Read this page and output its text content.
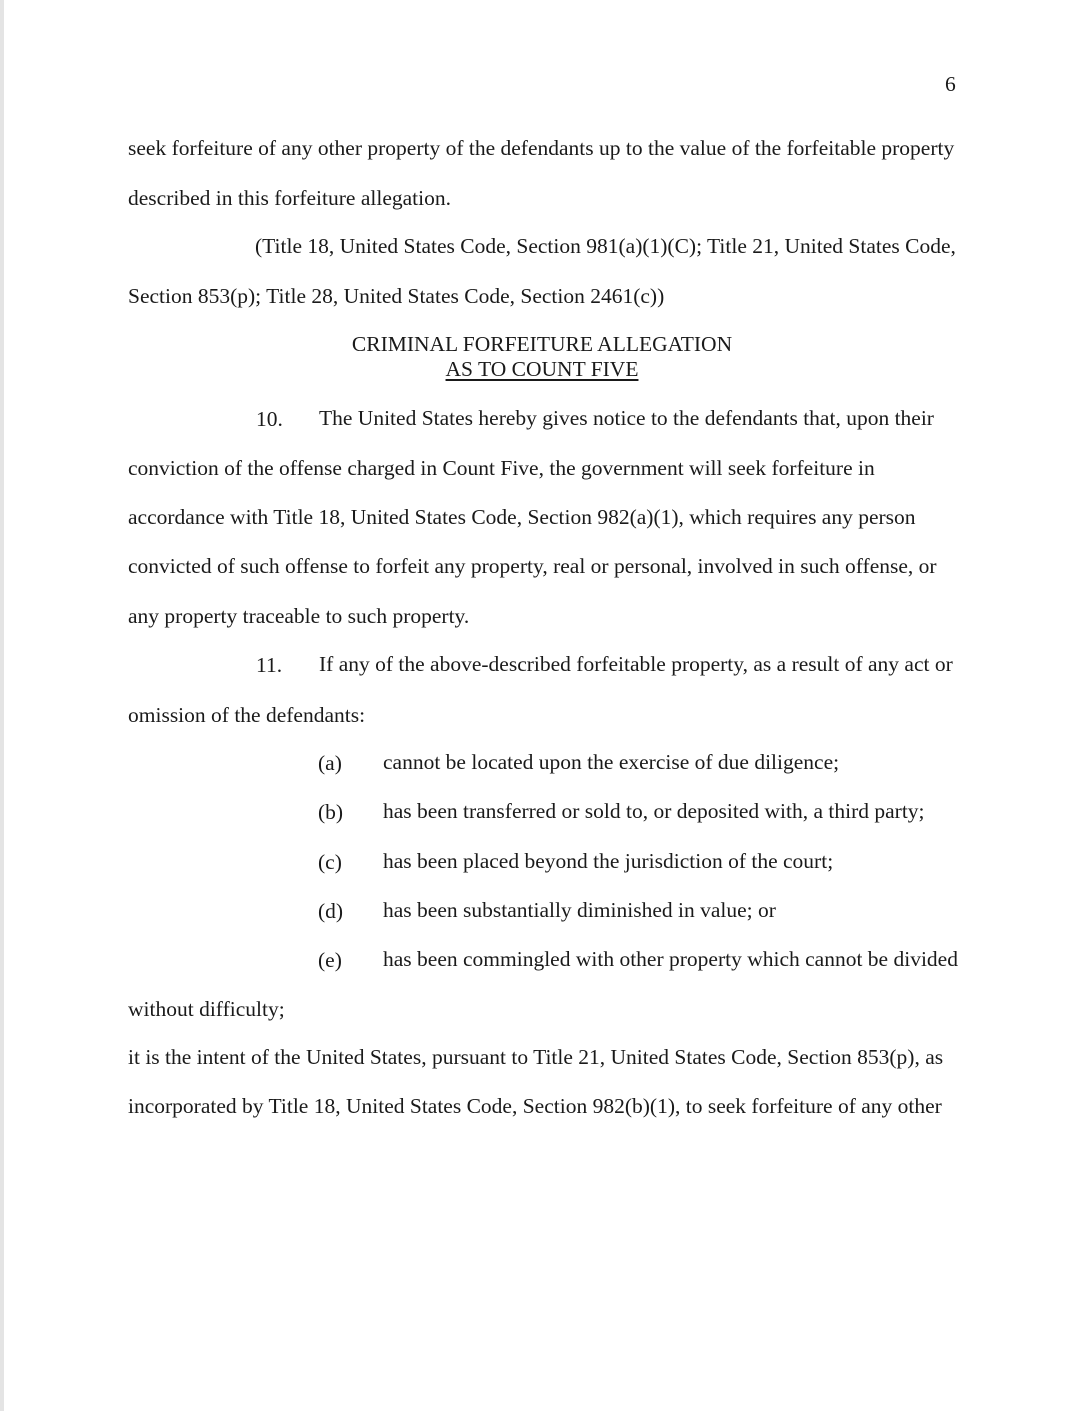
6
seek forfeiture of any other property of the defendants up to the value of the forfeitable property
described in this forfeiture allegation.
(Title 18, United States Code, Section 981(a)(1)(C); Title 21, United States Code,
Section 853(p); Title 28, United States Code, Section 2461(c))
CRIMINAL FORFEITURE ALLEGATION
AS TO COUNT FIVE
10. The United States hereby gives notice to the defendants that, upon their
conviction of the offense charged in Count Five, the government will seek forfeiture in
accordance with Title 18, United States Code, Section 982(a)(1), which requires any person
convicted of such offense to forfeit any property, real or personal, involved in such offense, or
any property traceable to such property.
11. If any of the above-described forfeitable property, as a result of any act or
omission of the defendants:
(a) cannot be located upon the exercise of due diligence;
(b) has been transferred or sold to, or deposited with, a third party;
(c) has been placed beyond the jurisdiction of the court;
(d) has been substantially diminished in value; or
(e) has been commingled with other property which cannot be divided
without difficulty;
it is the intent of the United States, pursuant to Title 21, United States Code, Section 853(p), as
incorporated by Title 18, United States Code, Section 982(b)(1), to seek forfeiture of any other
